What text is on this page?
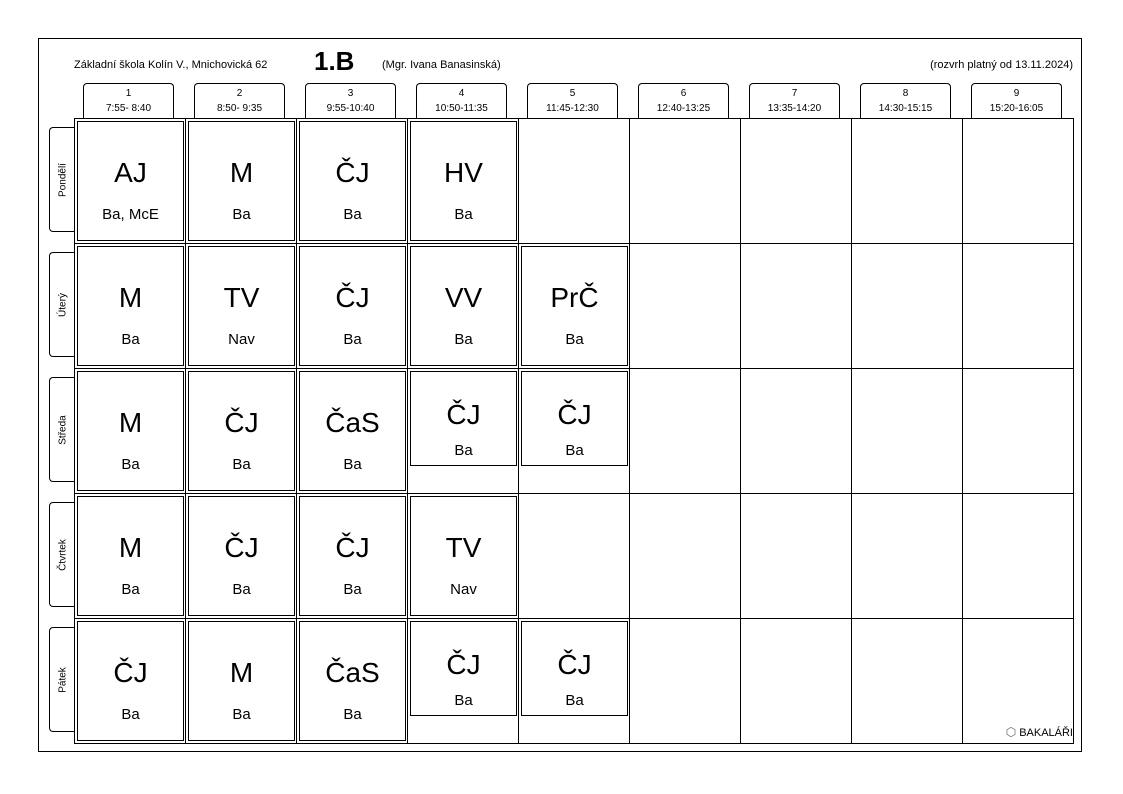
Základní škola Kolín V., Mnichovická 62 1.B	(Mgr. Ivana Banasinská)	(rozvrh platný od 13.11.2024)
1
7:55- 8:40
2
8:50- 9:35
3
9:55-10:40
4
10:50-11:35
5
11:45-12:30
6
12:40-13:25
7
13:35-14:20
8
14:30-15:15
9
15:20-16:05
Pondělí
Úterý
Středa
Čtvrtek
Pátek
AJ
Ba, McE
M
Ba
ČJ
Ba
HV
Ba
M
Ba
TV
Nav
ČJ
Ba
VV
Ba
PrČ
Ba
M
Ba
ČJ
Ba
ČaS
Ba
ČJ
Ba
ČJ
Ba
M
Ba
ČJ
Ba
ČJ
Ba
TV
Nav
ČJ
Ba
M
Ba
ČaS
Ba
ČJ
Ba
ČJ
Ba
⬡ BAKALÁŘI
